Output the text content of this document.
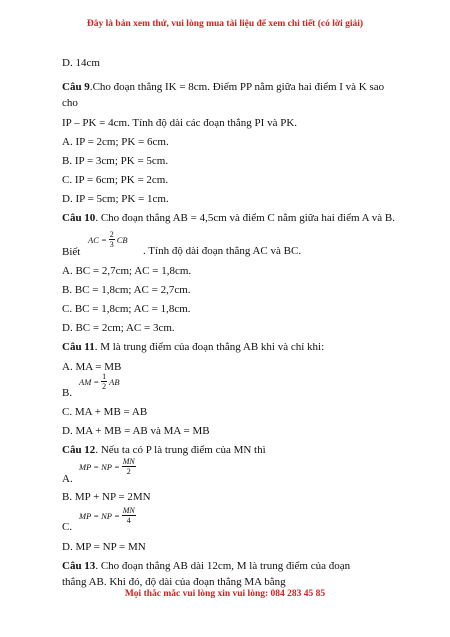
Đây là bản xem thử, vui lòng mua tài liệu để xem chi tiết (có lời giải)
D. 14cm
Câu 9.Cho đoạn thẳng IK = 8cm. Điểm PP nằm giữa hai điểm I và K sao
cho
IP – PK = 4cm. Tính độ dài các đoạn thẳng PI và PK.
A. IP = 2cm; PK = 6cm.
B. IP = 3cm; PK = 5cm.
C. IP = 6cm; PK = 2cm.
D. IP = 5cm; PK = 1cm.
Câu 10. Cho đoạn thẳng AB = 4,5cm và điểm C nằm giữa hai điểm A và B.
Biết
AC = $\frac{2}{3}$ CB
. Tính độ dài đoạn thẳng AC và BC.
A. BC = 2,7cm; AC = 1,8cm.
B. BC = 1,8cm; AC = 2,7cm.
C. BC = 1,8cm; AC = 1,8cm.
D. BC = 2cm; AC = 3cm.
Câu 11. M là trung điểm của đoạn thẳng AB khi và chỉ khi:
A. MA = MB
AM = $\frac{1}{2}$ AB
B.
C. MA + MB = AB
D. MA + MB = AB và MA = MB
Câu 12. Nếu ta có P là trung điểm của MN thì
MP = NP = $\frac{MN}{2}$
A.
B. MP + NP = 2MN
MP = NP = $\frac{MN}{4}$
C.
D. MP = NP = MN
Câu 13. Cho đoạn thẳng AB dài 12cm, M là trung điểm của đoạn
thẳng AB. Khi đó, độ dài của đoạn thẳng MA bằng
Mọi thắc mắc vui lòng xin vui lòng: 084 283 45 85
